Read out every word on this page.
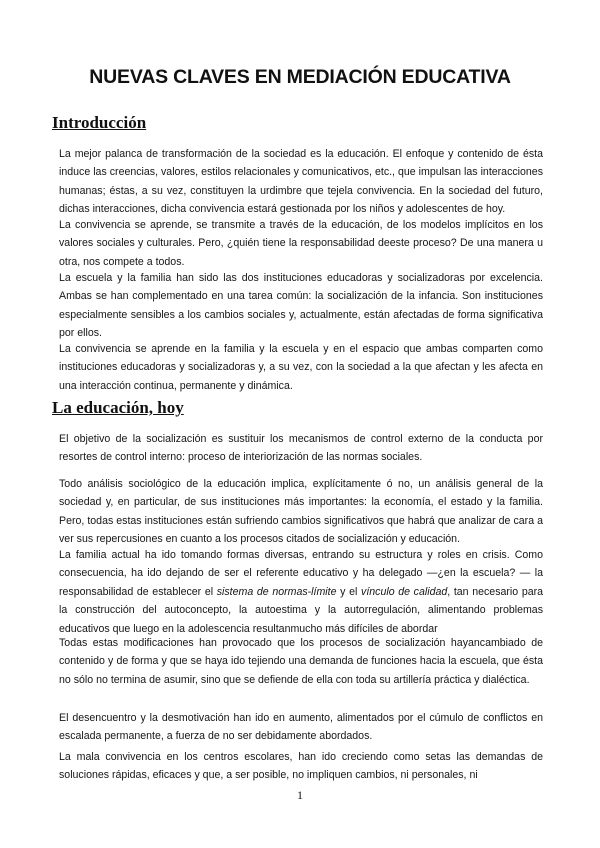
NUEVAS CLAVES EN MEDIACIÓN EDUCATIVA
Introducción

La mejor palanca de transformación de la sociedad es la educación. El enfoque y contenido de ésta induce las creencias, valores, estilos relacionales y comunicativos, etc., que impulsan las interacciones humanas; éstas, a su vez, constituyen la urdimbre que tejela convivencia. En la sociedad del futuro, dichas interacciones, dicha convivencia estará gestionada por los niños y adolescentes de hoy.

La convivencia se aprende, se transmite a través de la educación, de los modelos implícitos en los valores sociales y culturales. Pero, ¿quién tiene la responsabilidad deeste proceso? De una manera u otra, nos compete a todos.

La escuela y la familia han sido las dos instituciones educadoras y socializadoras por excelencia. Ambas se han complementado en una tarea común: la socialización de la infancia. Son instituciones especialmente sensibles a los cambios sociales y, actualmente, están afectadas de forma significativa por ellos.

La convivencia se aprende en la familia y la escuela y en el espacio que ambas comparten como instituciones educadoras y socializadoras y, a su vez, con la sociedad a la que afectan y les afecta en una interacción continua, permanente y dinámica.

La educación, hoy

El objetivo de la socialización es sustituir los mecanismos de control externo de la conducta por resortes de control interno: proceso de interiorización de las normas sociales.

Todo análisis sociológico de la educación implica, explícitamente ó no, un análisis general de la sociedad y, en particular, de sus instituciones más importantes: la economía, el estado y la familia. Pero, todas estas instituciones están sufriendo cambios significativos que habrá que analizar de cara a ver sus repercusiones en cuanto a los procesos citados de socialización y educación.

La familia actual ha ido tomando formas diversas, entrando su estructura y roles en crisis. Como consecuencia, ha ido dejando de ser el referente educativo y ha delegado —¿en la escuela? — la responsabilidad de establecer el sistema de normas-límite y el vínculo de calidad, tan necesario para la construcción del autoconcepto, la autoestima y la autorregulación, alimentando problemas educativos que luego en la adolescencia resultanmucho más difíciles de abordar

Todas estas modificaciones han provocado que los procesos de socialización hayancambiado de contenido y de forma y que se haya ido tejiendo una demanda de funciones hacia la escuela, que ésta no sólo no termina de asumir, sino que se defiende de ella con toda su artillería práctica y dialéctica.

El desencuentro y la desmotivación han ido en aumento, alimentados por el cúmulo de conflictos en escalada permanente, a fuerza de no ser debidamente abordados.

La mala convivencia en los centros escolares, han ido creciendo como setas las demandas de soluciones rápidas, eficaces y que, a ser posible, no impliquen cambios, ni personales, ni

1
